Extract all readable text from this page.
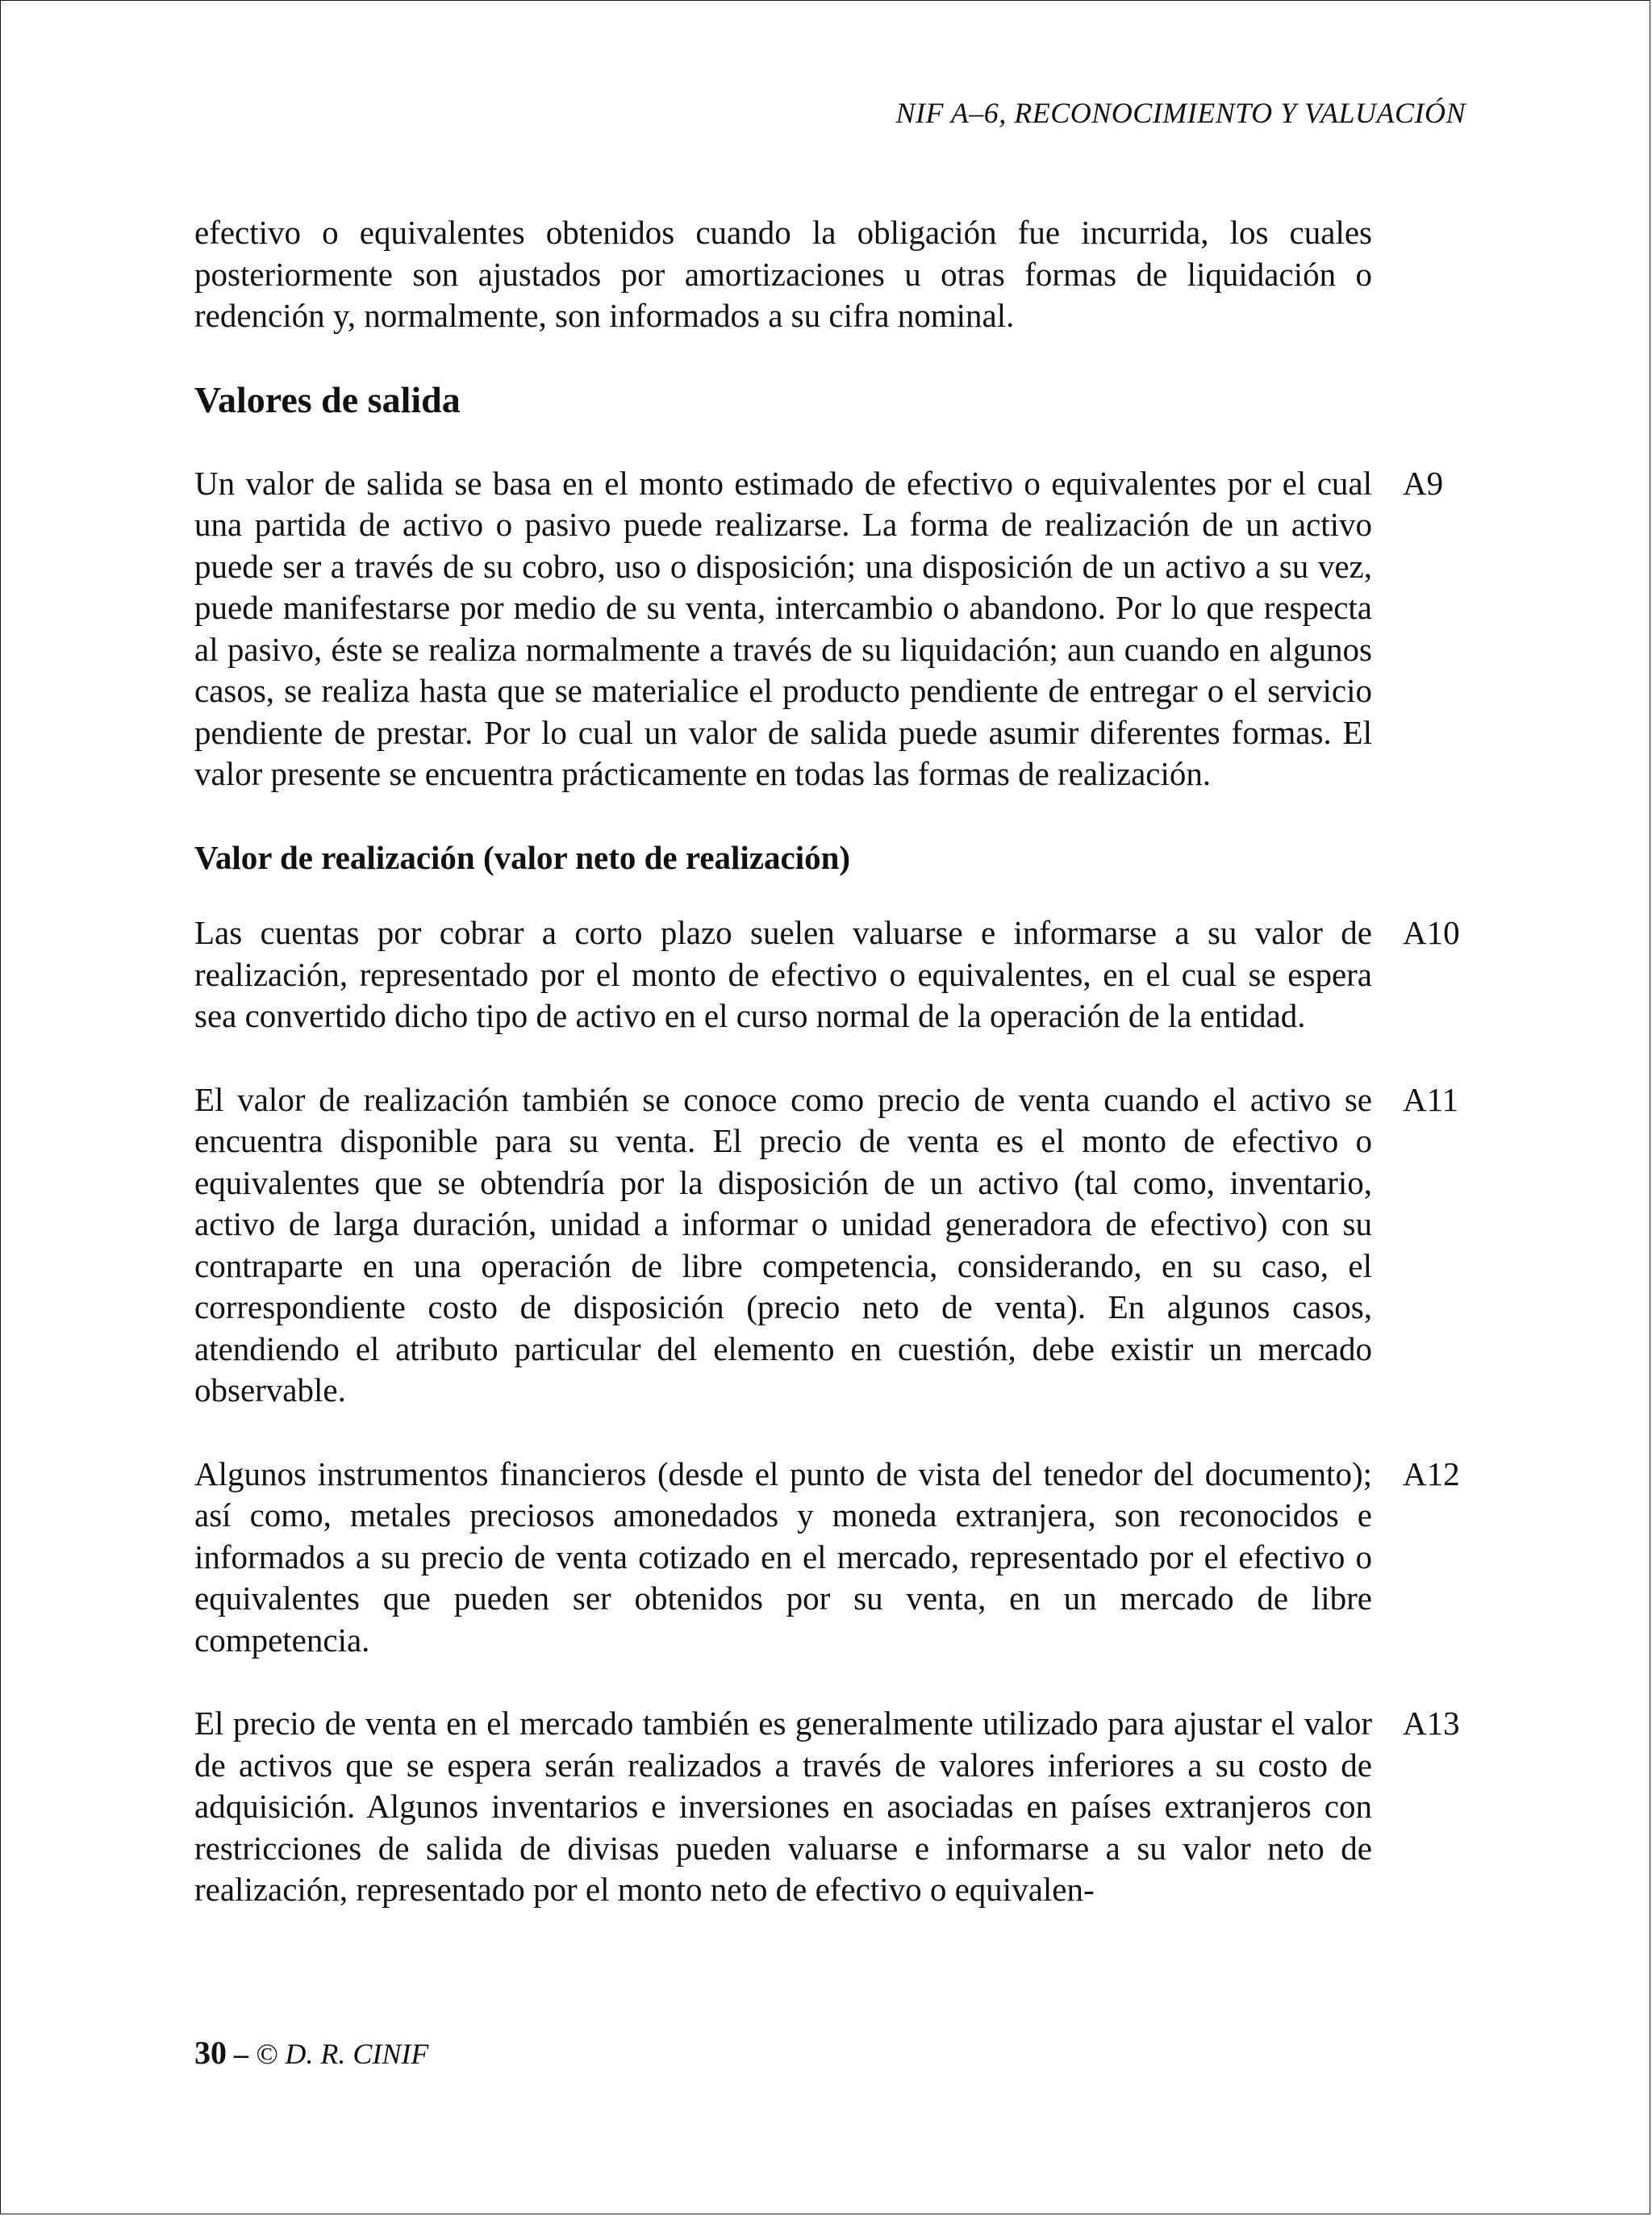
NIF A–6, RECONOCIMIENTO Y VALUACIÓN

efectivo o equivalentes obtenidos cuando la obligación fue incurrida, los cuales posteriormente son ajustados por amortizaciones u otras formas de liquidación o redención y, normalmente, son informados a su cifra nominal.

Valores de salida

Un valor de salida se basa en el monto estimado de efectivo o equivalentes por el cual una partida de activo o pasivo puede realizarse. La forma de realización de un activo puede ser a través de su cobro, uso o disposición; una disposición de un activo a su vez, puede manifestarse por medio de su venta, intercambio o abandono. Por lo que respecta al pasivo, éste se realiza normalmente a través de su liquidación; aun cuando en algunos casos, se realiza hasta que se materialice el producto pendiente de entregar o el servicio pendiente de prestar. Por lo cual un valor de salida puede asumir diferentes formas. El valor presente se encuentra prácticamente en todas las formas de realización.

A9
Valor de realización (valor neto de realización)

Las cuentas por cobrar a corto plazo suelen valuarse e informarse a su valor de realización, representado por el monto de efectivo o equivalentes, en el cual se espera sea convertido dicho tipo de activo en el curso normal de la operación de la entidad.

A10

El valor de realización también se conoce como precio de venta cuando el activo se encuentra disponible para su venta. El precio de venta es el monto de efectivo o equivalentes que se obtendría por la disposición de un activo (tal como, inventario, activo de larga duración, unidad a informar o unidad generadora de efectivo) con su contraparte en una operación de libre competencia, considerando, en su caso, el correspondiente costo de disposición (precio neto de venta). En algunos casos, atendiendo el atributo particular del elemento en cuestión, debe existir un mercado observable.

A11

Algunos instrumentos financieros (desde el punto de vista del tenedor del documento); así como, metales preciosos amonedados y moneda extranjera, son reconocidos e informados a su precio de venta cotizado en el mercado, representado por el efectivo o equivalentes que pueden ser obtenidos por su venta, en un mercado de libre competencia.

A12

El precio de venta en el mercado también es generalmente utilizado para ajustar el valor de activos que se espera serán realizados a través de valores inferiores a su costo de adquisición. Algunos inventarios e inversiones en asociadas en países extranjeros con restricciones de salida de divisas pueden valuarse e informarse a su valor neto de realización, representado por el monto neto de efectivo o equivalen-

A13
30 – © D. R. CINIF
